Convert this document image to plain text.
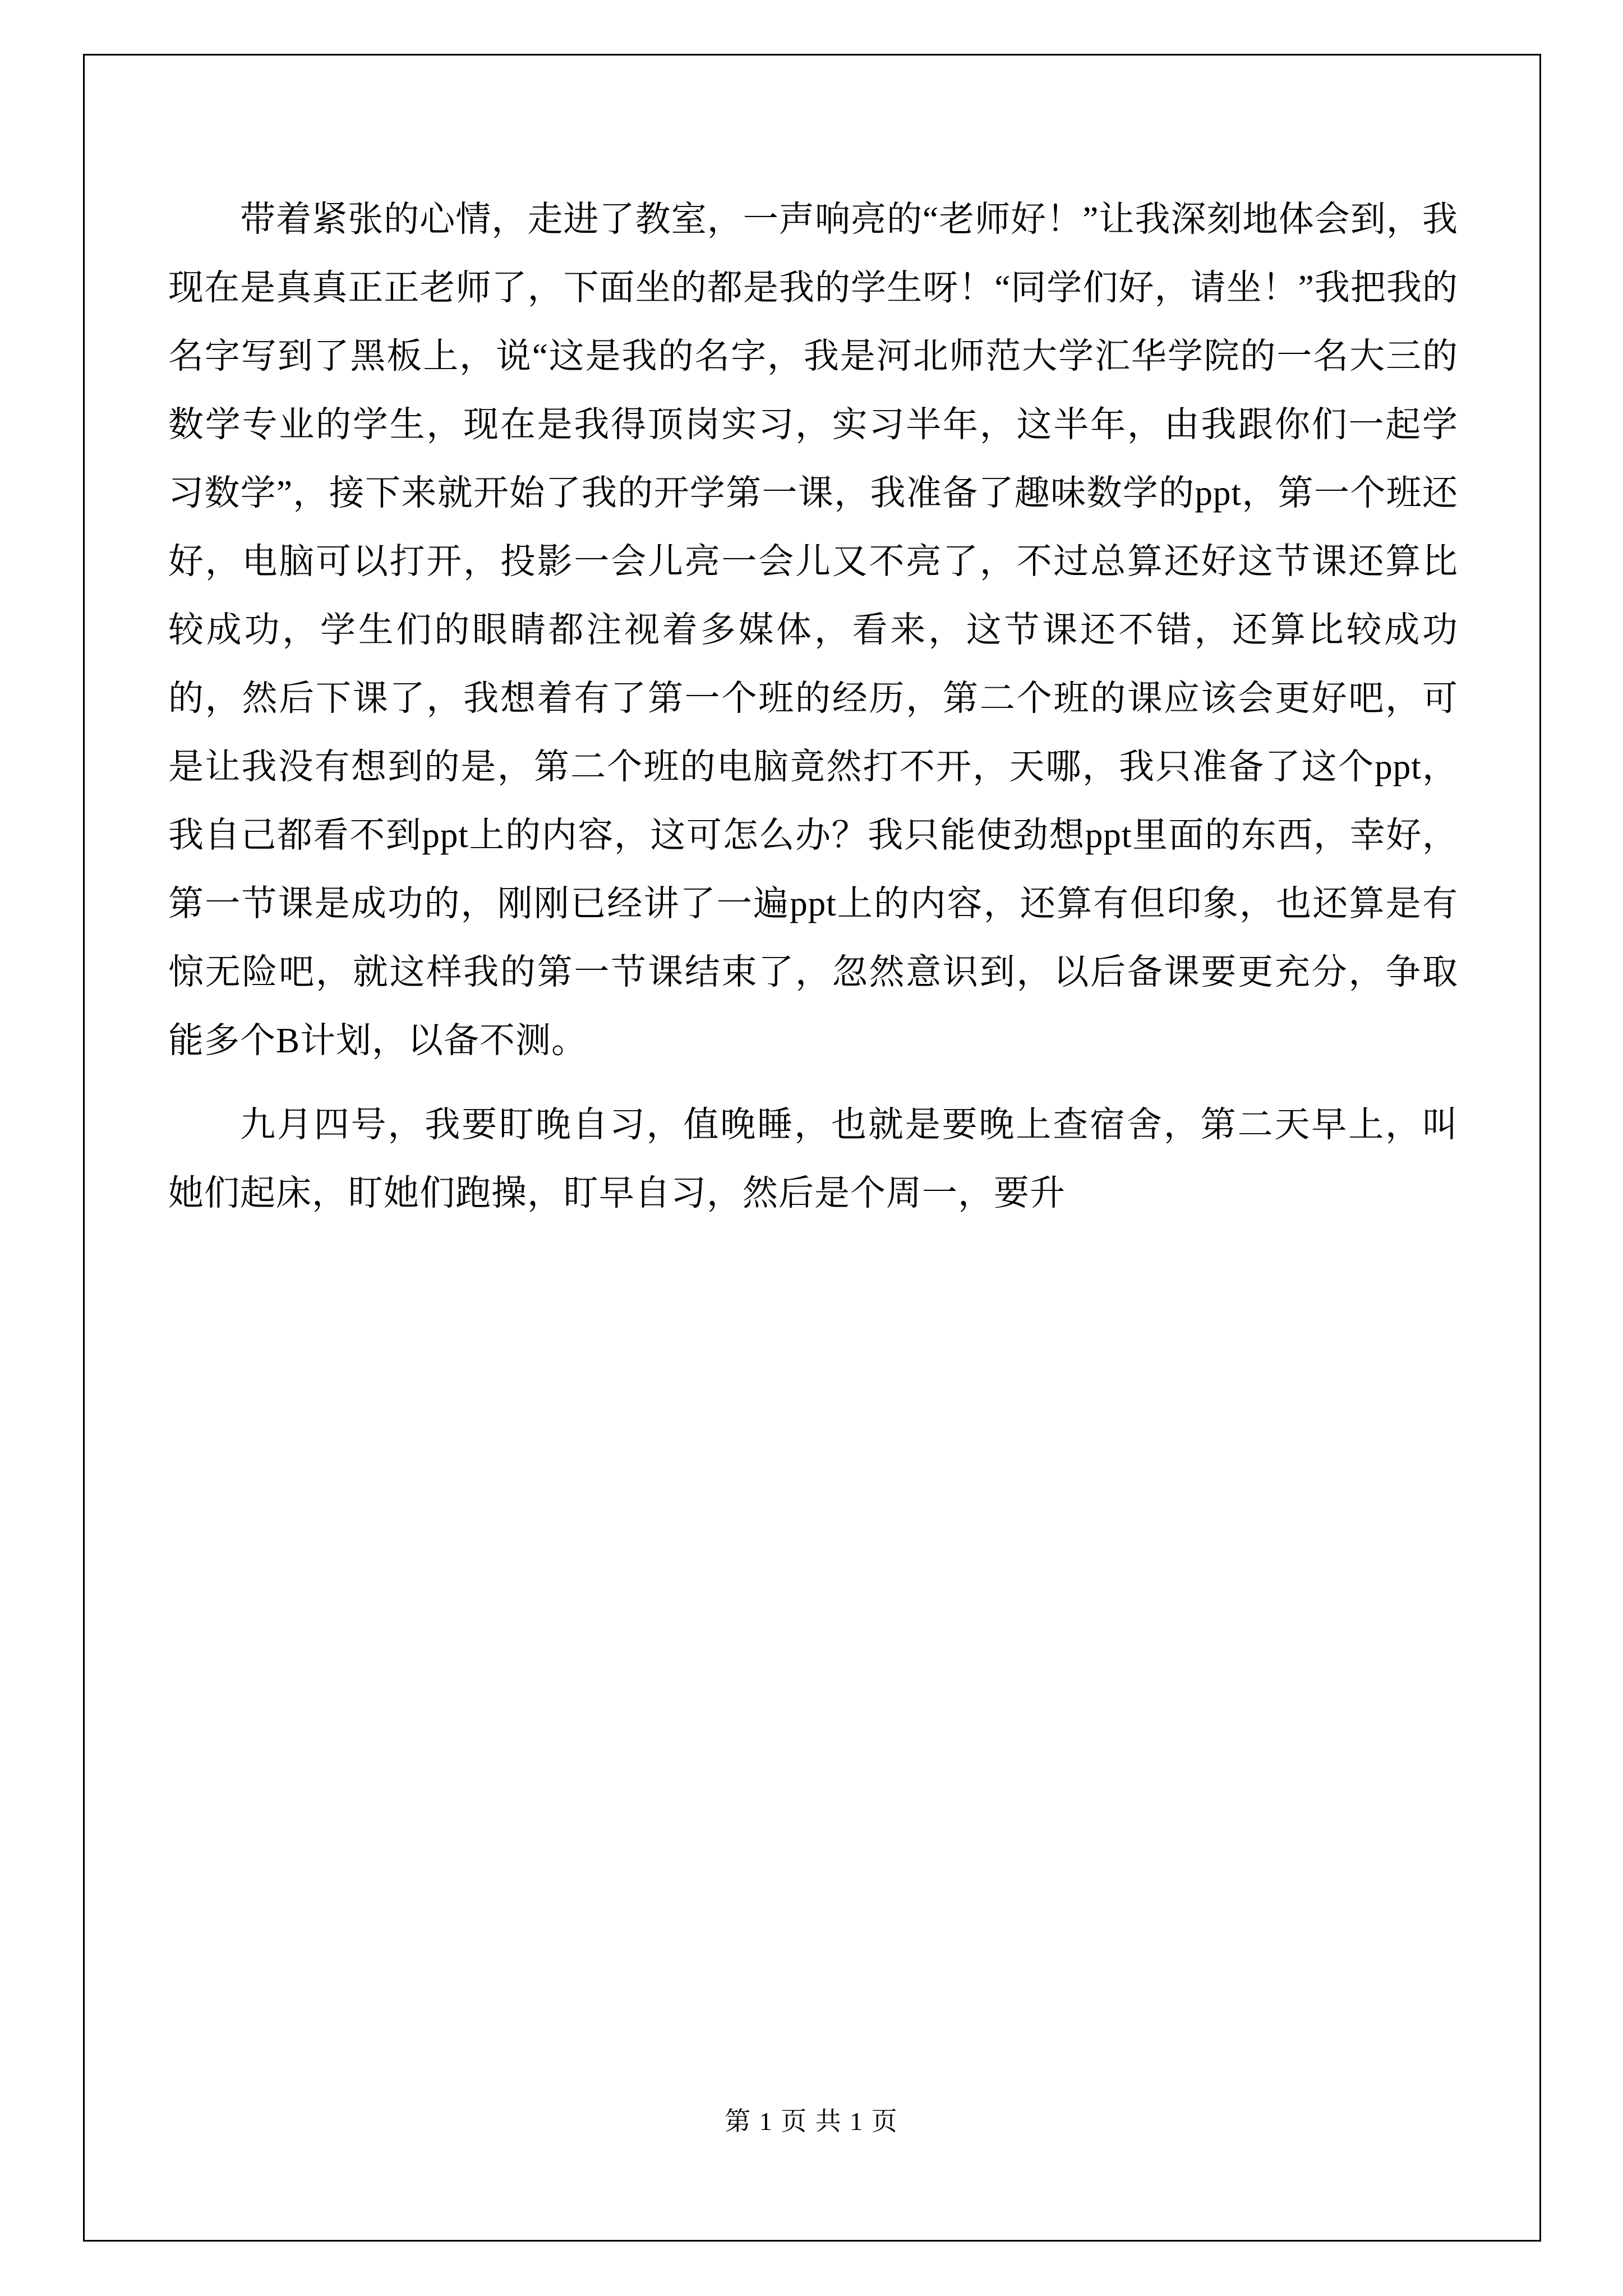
带着紧张的心情，走进了教室，一声响亮的“老师好！”让我深刻地体会到，我现在是真真正正老师了，下面坐的都是我的学生呀！“同学们好，请坐！”我把我的名字写到了黑板上，说“这是我的名字，我是河北师范大学汇华学院的一名大三的数学专业的学生，现在是我得顶岗实习，实习半年，这半年，由我跟你们一起学习数学”，接下来就开始了我的开学第一课，我准备了趣味数学的ppt，第一个班还好，电脑可以打开，投影一会儿亮一会儿又不亮了，不过总算还好这节课还算比较成功，学生们的眼睛都注视着多媒体，看来，这节课还不错，还算比较成功的，然后下课了，我想着有了第一个班的经历，第二个班的课应该会更好吧，可是让我没有想到的是，第二个班的电脑竟然打不开，天哪，我只准备了这个ppt，我自己都看不到ppt上的内容，这可怎么办？我只能使劲想ppt里面的东西，幸好，第一节课是成功的，刚刚已经讲了一遍ppt上的内容，还算有但印象，也还算是有惊无险吧，就这样我的第一节课结束了，忽然意识到，以后备课要更充分，争取能多个B计划，以备不测。

九月四号，我要盯晚自习，值晚睡，也就是要晚上查宿舍，第二天早上，叫她们起床，盯她们跑操，盯早自习，然后是个周一，要升

第 1 页 共 1 页
